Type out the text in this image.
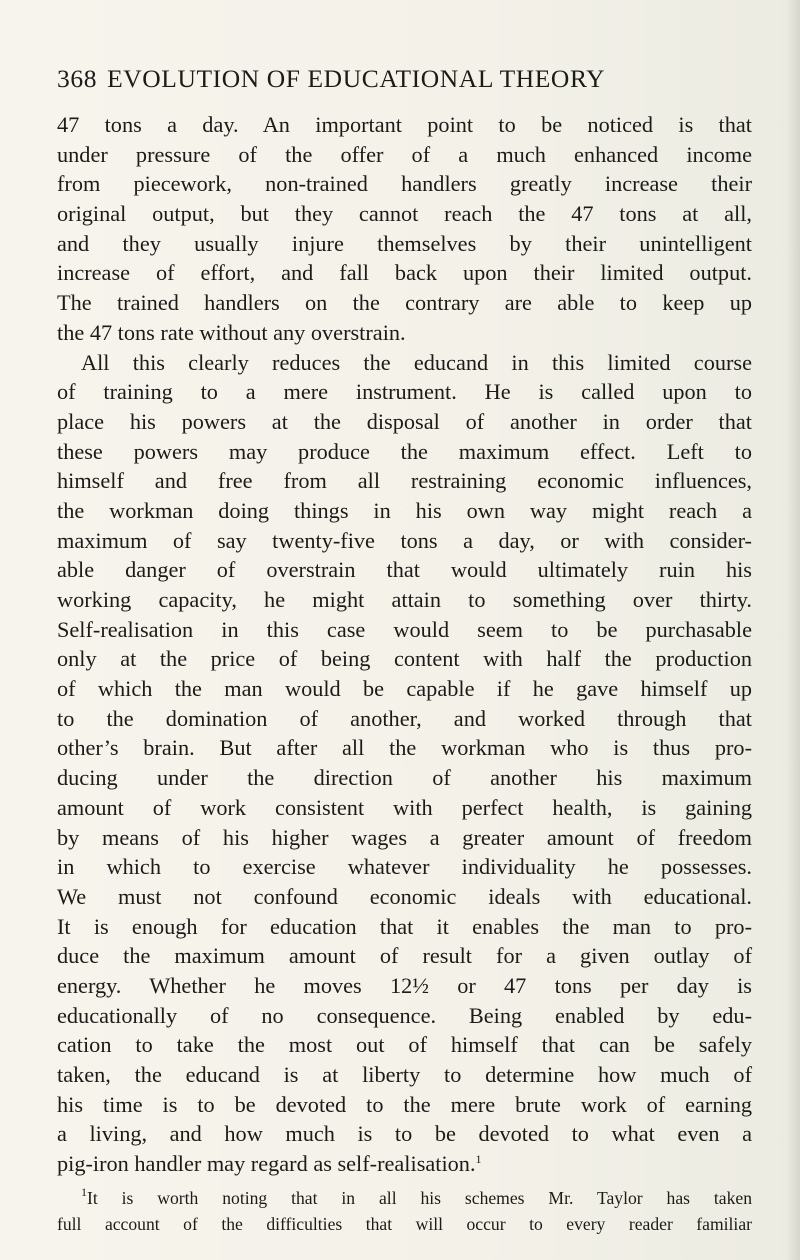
368 EVOLUTION OF EDUCATIONAL THEORY
47 tons a day. An important point to be noticed is that
under pressure of the offer of a much enhanced income
from piecework, non-trained handlers greatly increase their
original output, but they cannot reach the 47 tons at all,
and they usually injure themselves by their unintelligent
increase of effort, and fall back upon their limited output.
The trained handlers on the contrary are able to keep up
the 47 tons rate without any overstrain.
All this clearly reduces the educand in this limited course
of training to a mere instrument. He is called upon to
place his powers at the disposal of another in order that
these powers may produce the maximum effect. Left to
himself and free from all restraining economic influences,
the workman doing things in his own way might reach a
maximum of say twenty-five tons a day, or with consider-
able danger of overstrain that would ultimately ruin his
working capacity, he might attain to something over thirty.
Self-realisation in this case would seem to be purchasable
only at the price of being content with half the production
of which the man would be capable if he gave himself up
to the domination of another, and worked through that
other’s brain. But after all the workman who is thus pro-
ducing under the direction of another his maximum
amount of work consistent with perfect health, is gaining
by means of his higher wages a greater amount of freedom
in which to exercise whatever individuality he possesses.
We must not confound economic ideals with educational.
It is enough for education that it enables the man to pro-
duce the maximum amount of result for a given outlay of
energy. Whether he moves 12½ or 47 tons per day is
educationally of no consequence. Being enabled by edu-
cation to take the most out of himself that can be safely
taken, the educand is at liberty to determine how much of
his time is to be devoted to the mere brute work of earning
a living, and how much is to be devoted to what even a
pig-iron handler may regard as self-realisation.$^1$
$^1$It is worth noting that in all his schemes Mr. Taylor has taken
full account of the difficulties that will occur to every reader familiar
